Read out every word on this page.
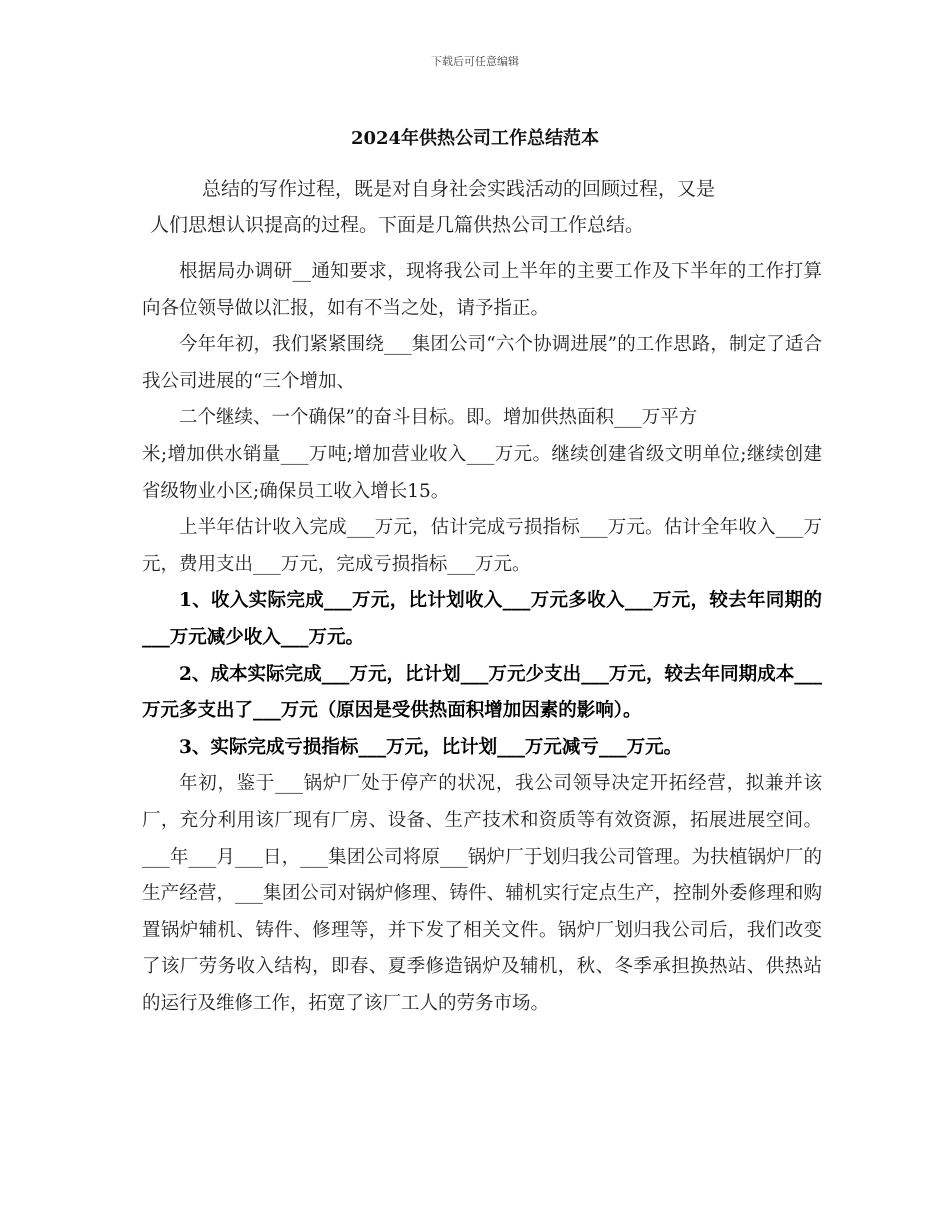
下载后可任意编辑
2024年供热公司工作总结范本
总结的写作过程，既是对自身社会实践活动的回顾过程，又是
人们思想认识提高的过程。下面是几篇供热公司工作总结。

根据局办调研__通知要求，现将我公司上半年的主要工作及下半年的工作打算向各位领导做以汇报，如有不当之处，请予指正。

今年年初，我们紧紧围绕___集团公司“六个协调进展”的工作思路，制定了适合我公司进展的“三个增加、

二个继续、一个确保”的奋斗目标。即。增加供热面积___万平方

米;增加供水销量___万吨;增加营业收入___万元。继续创建省级文明单位;继续创建省级物业小区;确保员工收入增长15。

上半年估计收入完成___万元，估计完成亏损指标___万元。估计全年收入___万元，费用支出___万元，完成亏损指标___万元。

1、收入实际完成___万元，比计划收入___万元多收入___万元，较去年同期的___万元减少收入___万元。

2、成本实际完成___万元，比计划___万元少支出___万元，较去年同期成本___万元多支出了___万元（原因是受供热面积增加因素的影响）。

3、实际完成亏损指标___万元，比计划___万元减亏___万元。

年初，鉴于___锅炉厂处于停产的状况，我公司领导决定开拓经营，拟兼并该厂，充分利用该厂现有厂房、设备、生产技术和资质等有效资源，拓展进展空间。___年___月___日，___集团公司将原___锅炉厂于划归我公司管理。为扶植锅炉厂的生产经营，___集团公司对锅炉修理、铸件、辅机实行定点生产，控制外委修理和购置锅炉辅机、铸件、修理等，并下发了相关文件。锅炉厂划归我公司后，我们改变了该厂劳务收入结构，即春、夏季修造锅炉及辅机，秋、冬季承担换热站、供热站的运行及维修工作，拓宽了该厂工人的劳务市场。
